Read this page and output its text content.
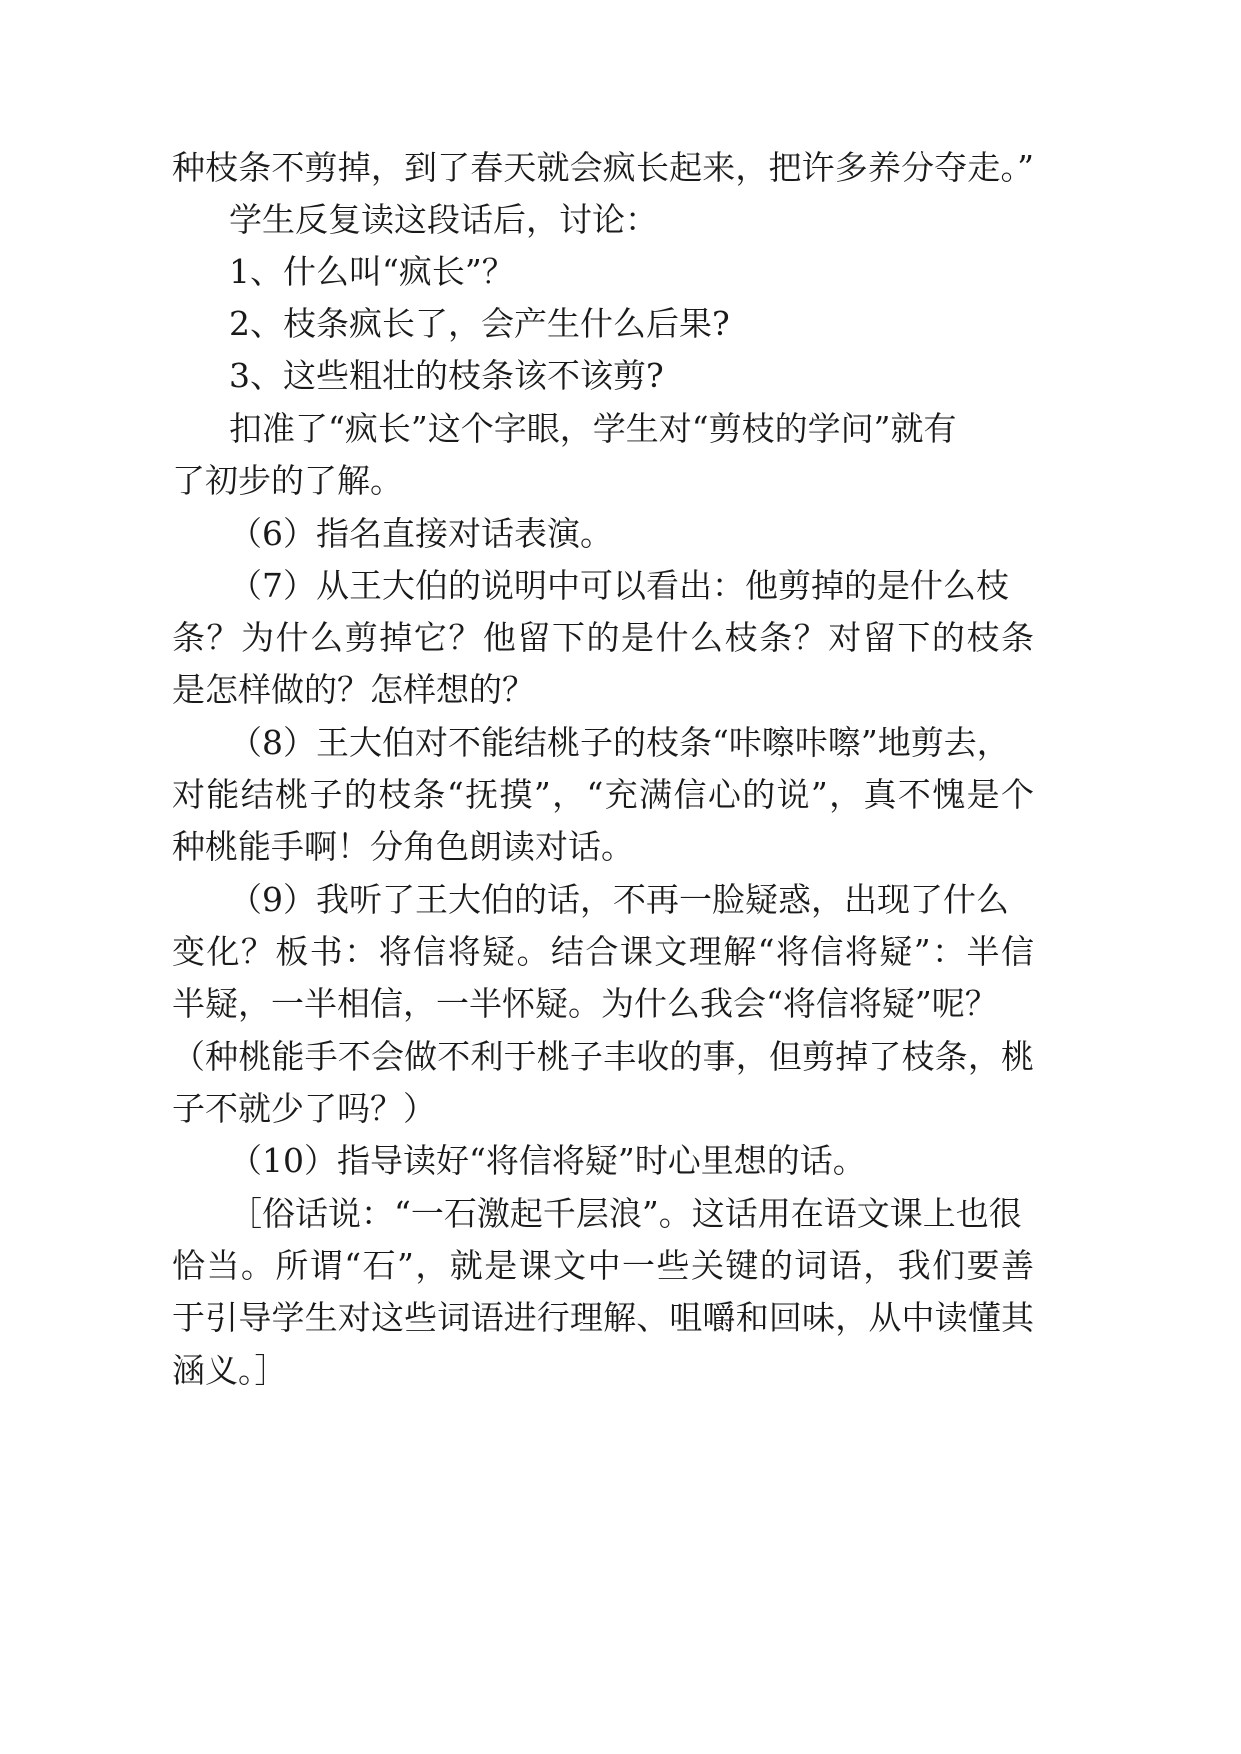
种枝条不剪掉，到了春天就会疯长起来，把许多养分夺走。”
学生反复读这段话后，讨论：
1、什么叫“疯长”？
2、枝条疯长了，会产生什么后果?
3、这些粗壮的枝条该不该剪?
扣准了“疯长”这个字眼，学生对“剪枝的学问”就有
了初步的了解。
（6）指名直接对话表演。
（7）从王大伯的说明中可以看出：他剪掉的是什么枝
条？为什么剪掉它？他留下的是什么枝条？对留下的枝条
是怎样做的？怎样想的？
（8）王大伯对不能结桃子的枝条“咔嚓咔嚓”地剪去，
对能结桃子的枝条“抚摸”，“充满信心的说”，真不愧是个
种桃能手啊！分角色朗读对话。
（9）我听了王大伯的话，不再一脸疑惑，出现了什么
变化？板书：将信将疑。结合课文理解“将信将疑”：半信
半疑，一半相信，一半怀疑。为什么我会“将信将疑”呢？
（种桃能手不会做不利于桃子丰收的事，但剪掉了枝条，桃
子不就少了吗？）
（10）指导读好“将信将疑”时心里想的话。
［俗话说：“一石激起千层浪”。这话用在语文课上也很
恰当。所谓“石”，就是课文中一些关键的词语，我们要善
于引导学生对这些词语进行理解、咀嚼和回味，从中读懂其
涵义。］
